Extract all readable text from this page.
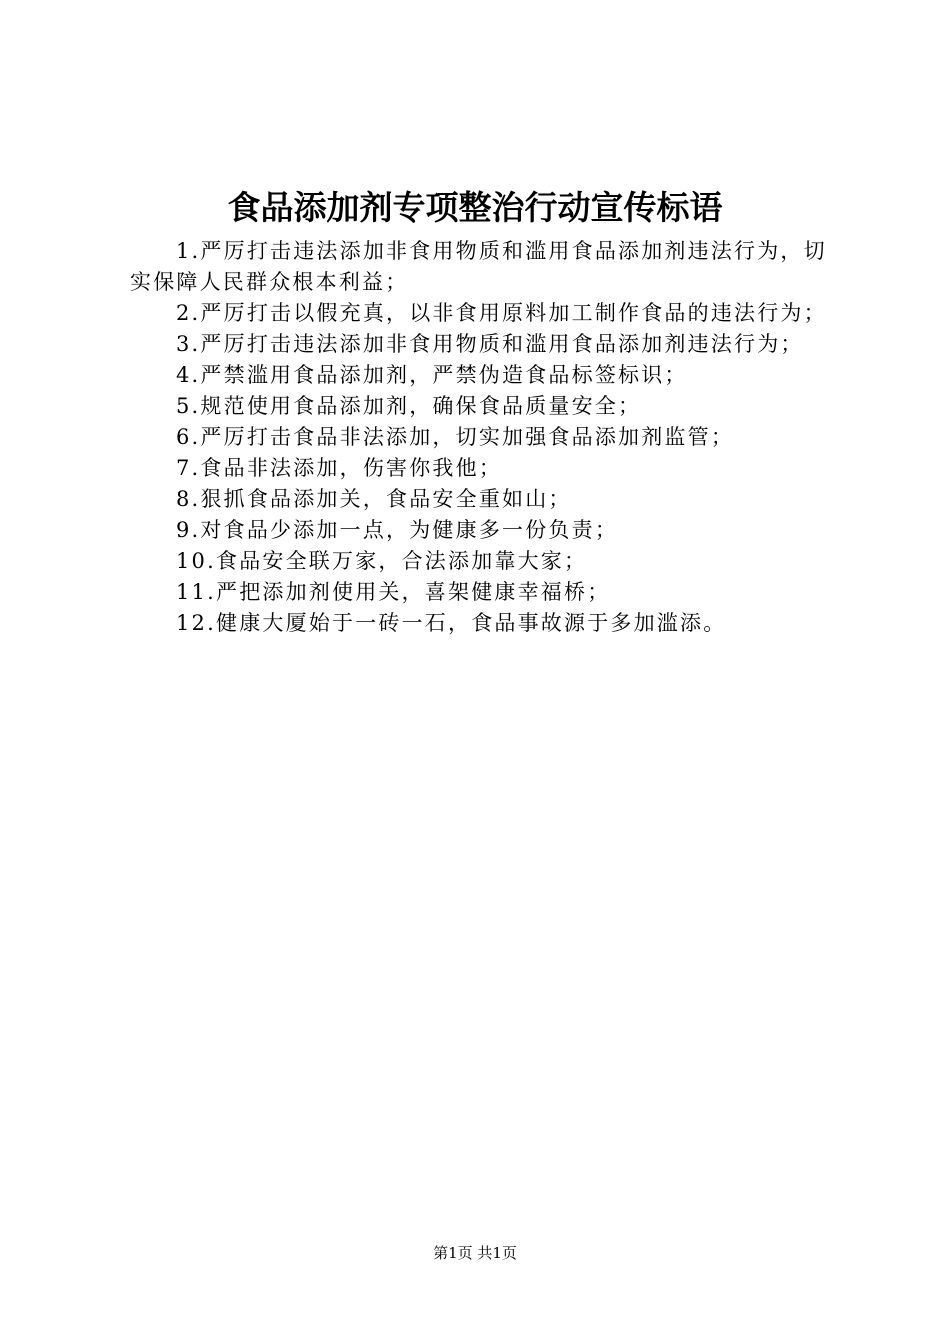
食品添加剂专项整治行动宣传标语

1.严厉打击违法添加非食用物质和滥用食品添加剂违法行为，切实保障人民群众根本利益；

2.严厉打击以假充真，以非食用原料加工制作食品的违法行为；

3.严厉打击违法添加非食用物质和滥用食品添加剂违法行为；

4.严禁滥用食品添加剂，严禁伪造食品标签标识；

5.规范使用食品添加剂，确保食品质量安全；

6.严厉打击食品非法添加，切实加强食品添加剂监管；

7.食品非法添加，伤害你我他；

8.狠抓食品添加关，食品安全重如山；

9.对食品少添加一点，为健康多一份负责；

10.食品安全联万家，合法添加靠大家；

11.严把添加剂使用关，喜架健康幸福桥；

12.健康大厦始于一砖一石，食品事故源于多加滥添。

第1页 共1页
